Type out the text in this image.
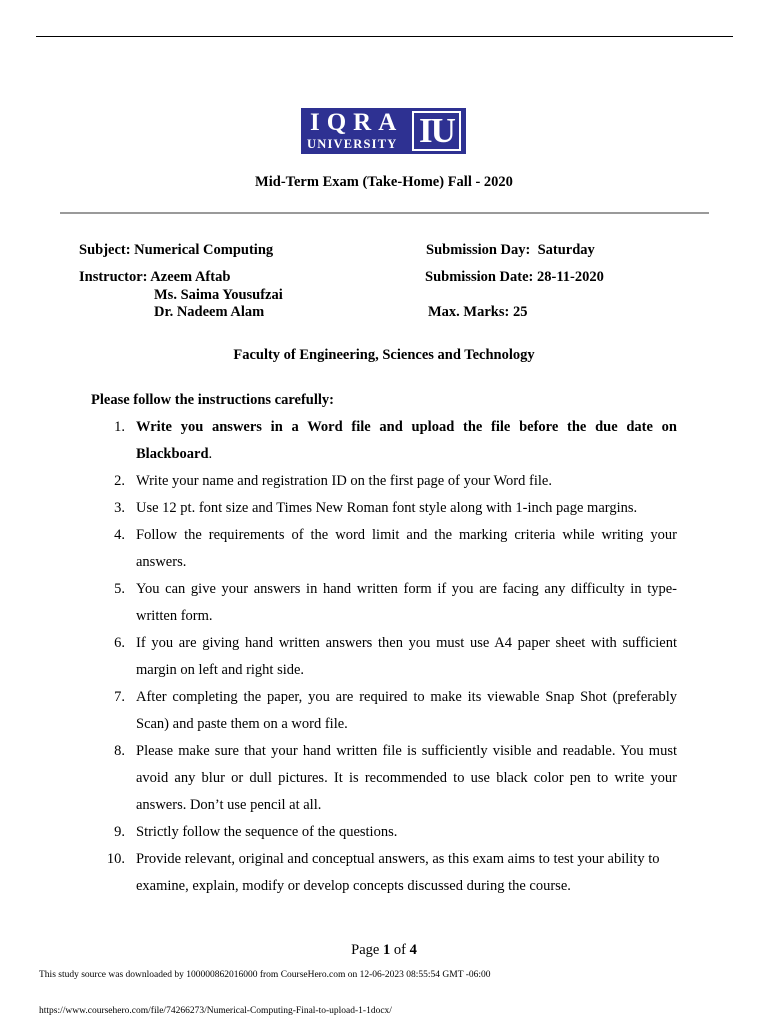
IQRA
UNIVERSITY IU
Mid-Term Exam (Take-Home) Fall - 2020
Subject: Numerical Computing
Instructor: Azeem Aftab
Ms. Saima Yousufzai
Dr. Nadeem Alam
Submission Day:  Saturday
Submission Date: 28-11-2020
Max. Marks: 25
Faculty of Engineering, Sciences and Technology
Please follow the instructions carefully:
1. Write you answers in a Word file and upload the file before the due date on Blackboard.
2. Write your name and registration ID on the first page of your Word file.
3. Use 12 pt. font size and Times New Roman font style along with 1-inch page margins.
4. Follow the requirements of the word limit and the marking criteria while writing your answers.
5. You can give your answers in hand written form if you are facing any difficulty in type-written form.
6. If you are giving hand written answers then you must use A4 paper sheet with sufficient margin on left and right side.
7. After completing the paper, you are required to make its viewable Snap Shot (preferably Scan) and paste them on a word file.
8. Please make sure that your hand written file is sufficiently visible and readable. You must avoid any blur or dull pictures. It is recommended to use black color pen to write your answers. Don’t use pencil at all.
9. Strictly follow the sequence of the questions.
10. Provide relevant, original and conceptual answers, as this exam aims to test your ability to examine, explain, modify or develop concepts discussed during the course.
Page 1 of 4
This study source was downloaded by 100000862016000 from CourseHero.com on 12-06-2023 08:55:54 GMT -06:00
https://www.coursehero.com/file/74266273/Numerical-Computing-Final-to-upload-1-1docx/
